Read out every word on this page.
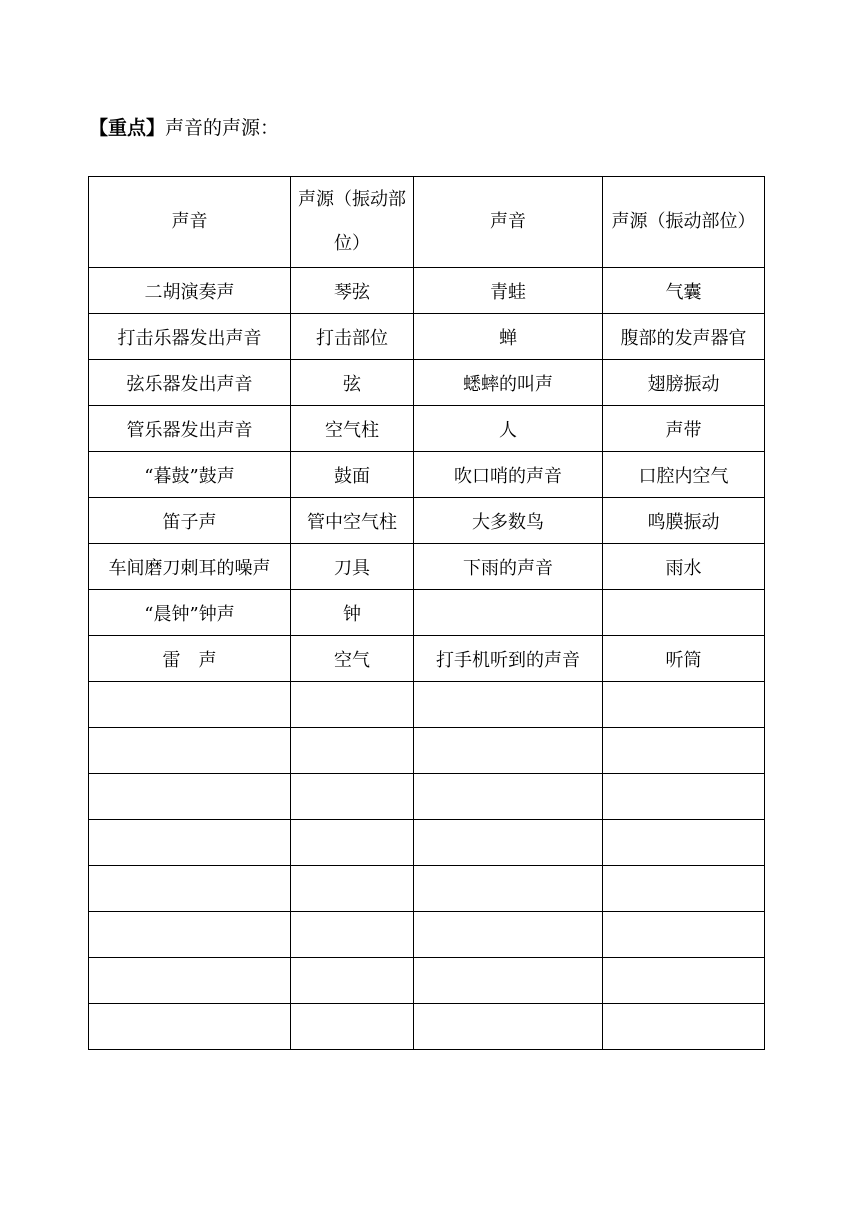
【重点】声音的声源：
声音	声源（振动部位）	声音	声源（振动部位）
二胡演奏声	琴弦	青蛙	气囊
打击乐器发出声音	打击部位	蝉	腹部的发声器官
弦乐器发出声音	弦	蟋蟀的叫声	翅膀振动
管乐器发出声音	空气柱	人	声带
“暮鼓”鼓声	鼓面	吹口哨的声音	口腔内空气
笛子声	管中空气柱	大多数鸟	鸣膜振动
车间磨刀刺耳的噪声	刀具	下雨的声音	雨水
“晨钟”钟声	钟		
雷　声	空气	打手机听到的声音	听筒
